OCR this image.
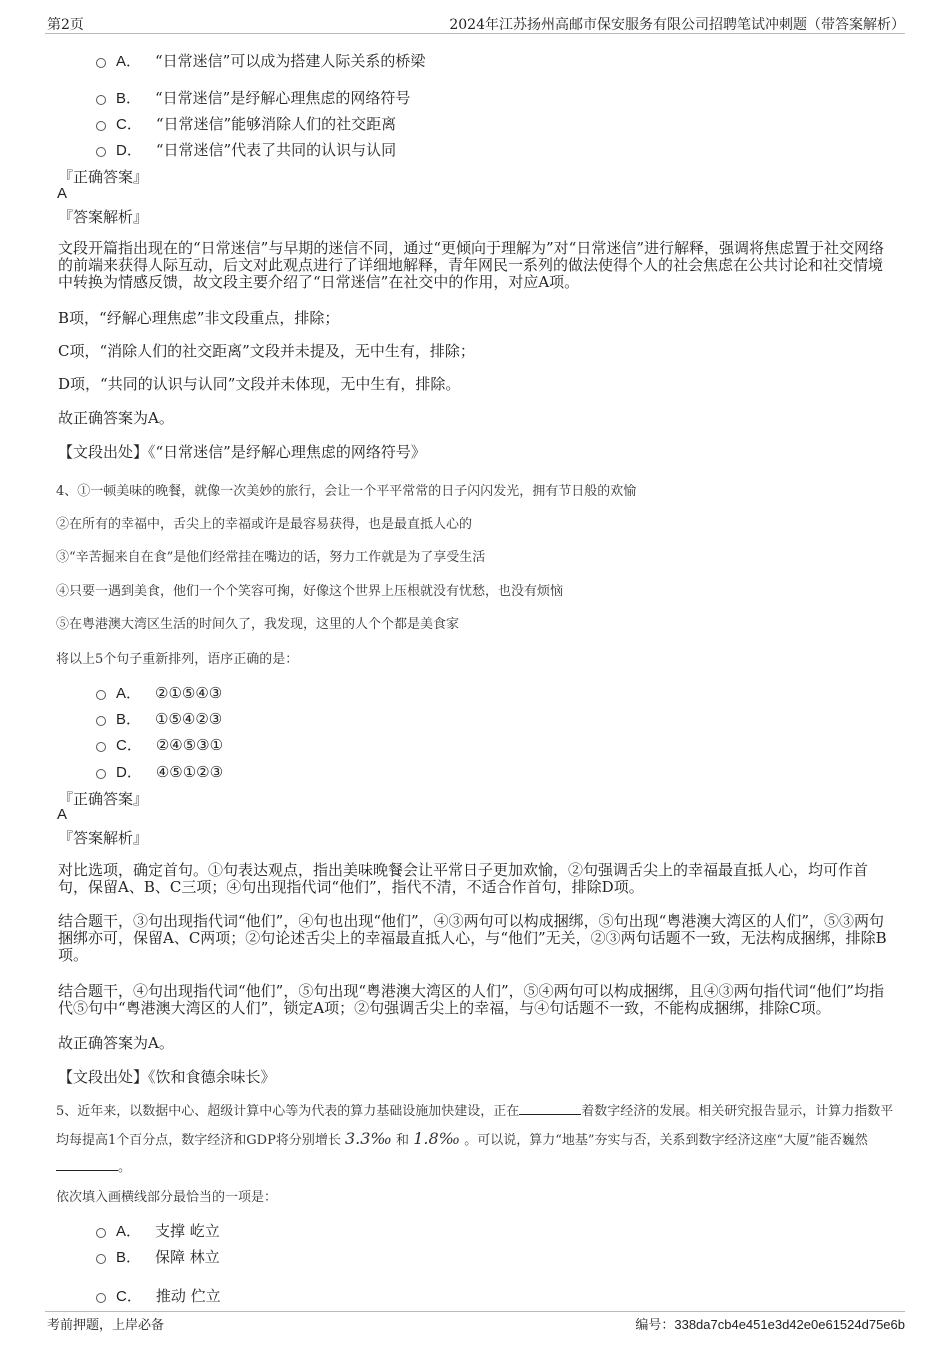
第2页	2024年江苏扬州高邮市保安服务有限公司招聘笔试冲刺题（带答案解析）
A． “日常迷信”可以成为搭建人际关系的桥梁
B． “日常迷信”是纾解心理焦虑的网络符号
C． “日常迷信”能够消除人们的社交距离
D． “日常迷信”代表了共同的认识与认同
『正确答案』
A
『答案解析』
文段开篇指出现在的“日常迷信”与早期的迷信不同，通过“更倾向于理解为”对“日常迷信”进行解释，强调将焦虑置于社交网络的前端来获得人际互动，后文对此观点进行了详细地解释，青年网民一系列的做法使得个人的社会焦虑在公共讨论和社交情境中转换为情感反馈，故文段主要介绍了“日常迷信”在社交中的作用，对应A项。
B项，“纾解心理焦虑”非文段重点，排除；
C项，“消除人们的社交距离”文段并未提及，无中生有，排除；
D项，“共同的认识与认同”文段并未体现，无中生有，排除。
故正确答案为A。
【文段出处】《“日常迷信”是纾解心理焦虑的网络符号》
4、①一顿美味的晚餐，就像一次美妙的旅行，会让一个平平常常的日子闪闪发光，拥有节日般的欢愉
②在所有的幸福中，舌尖上的幸福或许是最容易获得，也是最直抵人心的
③“辛苦掘来自在食”是他们经常挂在嘴边的话，努力工作就是为了享受生活
④只要一遇到美食，他们一个个笑容可掬，好像这个世界上压根就没有忧愁，也没有烦恼
⑤在粤港澳大湾区生活的时间久了，我发现，这里的人个个都是美食家
将以上5个句子重新排列，语序正确的是：
A． ②①⑤④③
B． ①⑤④②③
C． ②④⑤③①
D． ④⑤①②③
『正确答案』
A
『答案解析』
对比选项，确定首句。①句表达观点，指出美味晚餐会让平常日子更加欢愉，②句强调舌尖上的幸福最直抵人心，均可作首句，保留A、B、C三项；④句出现指代词“他们”，指代不清，不适合作首句，排除D项。
结合题干，③句出现指代词“他们”，④句也出现“他们”，④③两句可以构成捆绑，⑤句出现“粤港澳大湾区的人们”，⑤③两句捆绑亦可，保留A、C两项；②句论述舌尖上的幸福最直抵人心，与“他们”无关，②③两句话题不一致，无法构成捆绑，排除B项。
结合题干，④句出现指代词“他们”，⑤句出现“粤港澳大湾区的人们”，⑤④两句可以构成捆绑，且④③两句指代词“他们”均指代⑤句中“粤港澳大湾区的人们”，锁定A项；②句强调舌尖上的幸福，与④句话题不一致，不能构成捆绑，排除C项。
故正确答案为A。
【文段出处】《饮和食德余味长》
5、近年来，以数据中心、超级计算中心等为代表的算力基础设施加快建设，正在	着数字经济的发展。相关研究报告显示，计算力指数平均每提高1个百分点，数字经济和GDP将分别增长 3.3‰ 和 1.8‰ 。可以说，算力“地基”夯实与否，关系到数字经济这座“大厦”能否巍然
。
依次填入画横线部分最恰当的一项是：
A． 支撑 屹立
B． 保障 林立
C． 推动 伫立
考前押题，上岸必备	编号：338da7cb4e451e3d42e0e61524d75e6b
